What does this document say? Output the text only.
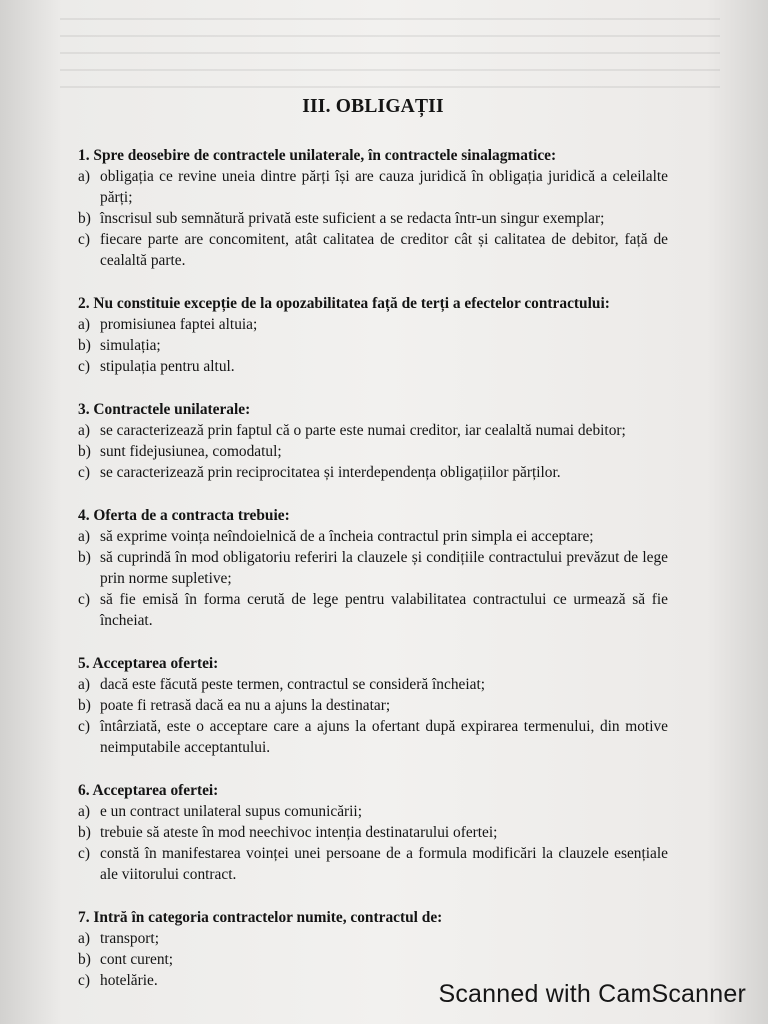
III. OBLIGAȚII
1. Spre deosebire de contractele unilaterale, în contractele sinalagmatice:
a) obligația ce revine uneia dintre părți își are cauza juridică în obligația juridică a celeilalte părți;
b) înscrisul sub semnătură privată este suficient a se redacta într-un singur exemplar;
c) fiecare parte are concomitent, atât calitatea de creditor cât și calitatea de debitor, față de cealaltă parte.
2. Nu constituie excepție de la opozabilitatea față de terți a efectelor contractului:
a) promisiunea faptei altuia;
b) simulația;
c) stipulația pentru altul.
3. Contractele unilaterale:
a) se caracterizează prin faptul că o parte este numai creditor, iar cealaltă numai debitor;
b) sunt fidejusiunea, comodatul;
c) se caracterizează prin reciprocitatea și interdependența obligațiilor părților.
4. Oferta de a contracta trebuie:
a) să exprime voința neîndoielnică de a încheia contractul prin simpla ei acceptare;
b) să cuprindă în mod obligatoriu referiri la clauzele și condițiile contractului prevăzut de lege prin norme supletive;
c) să fie emisă în forma cerută de lege pentru valabilitatea contractului ce urmează să fie încheiat.
5. Acceptarea ofertei:
a) dacă este făcută peste termen, contractul se consideră încheiat;
b) poate fi retrasă dacă ea nu a ajuns la destinatar;
c) întârziată, este o acceptare care a ajuns la ofertant după expirarea termenului, din motive neimputabile acceptantului.
6. Acceptarea ofertei:
a) e un contract unilateral supus comunicării;
b) trebuie să ateste în mod neechivoc intenția destinatarului ofertei;
c) constă în manifestarea voinței unei persoane de a formula modificări la clauzele esențiale ale viitorului contract.
7. Intră în categoria contractelor numite, contractul de:
a) transport;
b) cont curent;
c) hotelărie.	Scanned with CamScanner
